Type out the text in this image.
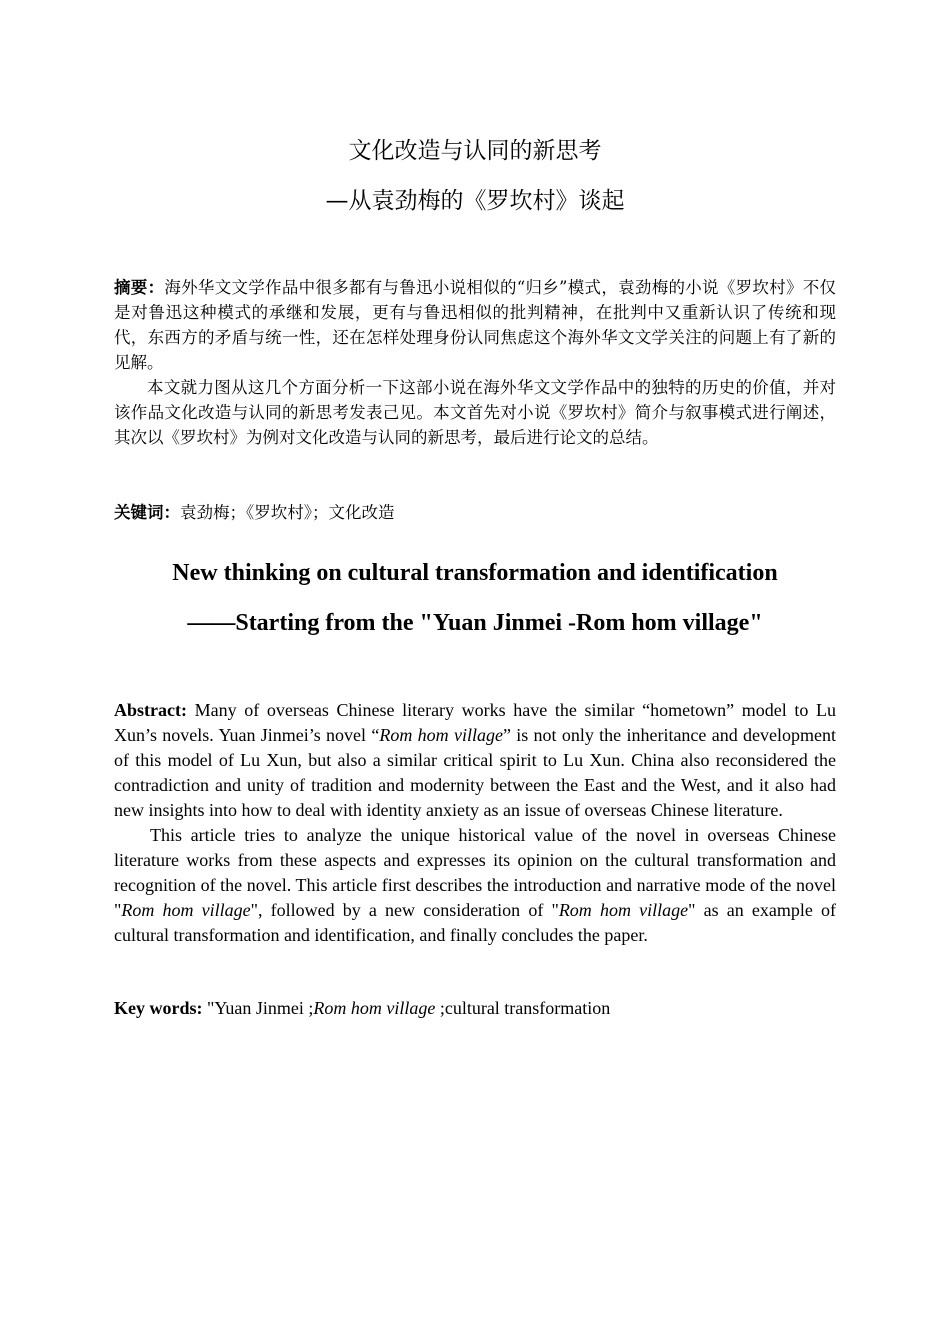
文化改造与认同的新思考
—从袁劲梅的《罗坎村》谈起

摘要：海外华文文学作品中很多都有与鲁迅小说相似的“归乡”模式，袁劲梅的小说《罗坎村》不仅是对鲁迅这种模式的承继和发展，更有与鲁迅相似的批判精神，在批判中又重新认识了传统和现代，东西方的矛盾与统一性，还在怎样处理身份认同焦虑这个海外华文文学关注的问题上有了新的见解。

本文就力图从这几个方面分析一下这部小说在海外华文文学作品中的独特的历史的价值，并对该作品文化改造与认同的新思考发表己见。本文首先对小说《罗坎村》简介与叙事模式进行阐述，其次以《罗坎村》为例对文化改造与认同的新思考，最后进行论文的总结。

关键词：袁劲梅；《罗坎村》；文化改造
New thinking on cultural transformation and identification
——Starting from the "Yuan Jinmei -Rom hom village"

Abstract: Many of overseas Chinese literary works have the similar “hometown” model to Lu Xun’s novels. Yuan Jinmei’s novel “Rom hom village” is not only the inheritance and development of this model of Lu Xun, but also a similar critical spirit to Lu Xun. China also reconsidered the contradiction and unity of tradition and modernity between the East and the West, and it also had new insights into how to deal with identity anxiety as an issue of overseas Chinese literature.

This article tries to analyze the unique historical value of the novel in overseas Chinese literature works from these aspects and expresses its opinion on the cultural transformation and recognition of the novel. This article first describes the introduction and narrative mode of the novel "Rom hom village", followed by a new consideration of "Rom hom village" as an example of cultural transformation and identification, and finally concludes the paper.

Key words: "Yuan Jinmei ;Rom hom village ;cultural transformation
